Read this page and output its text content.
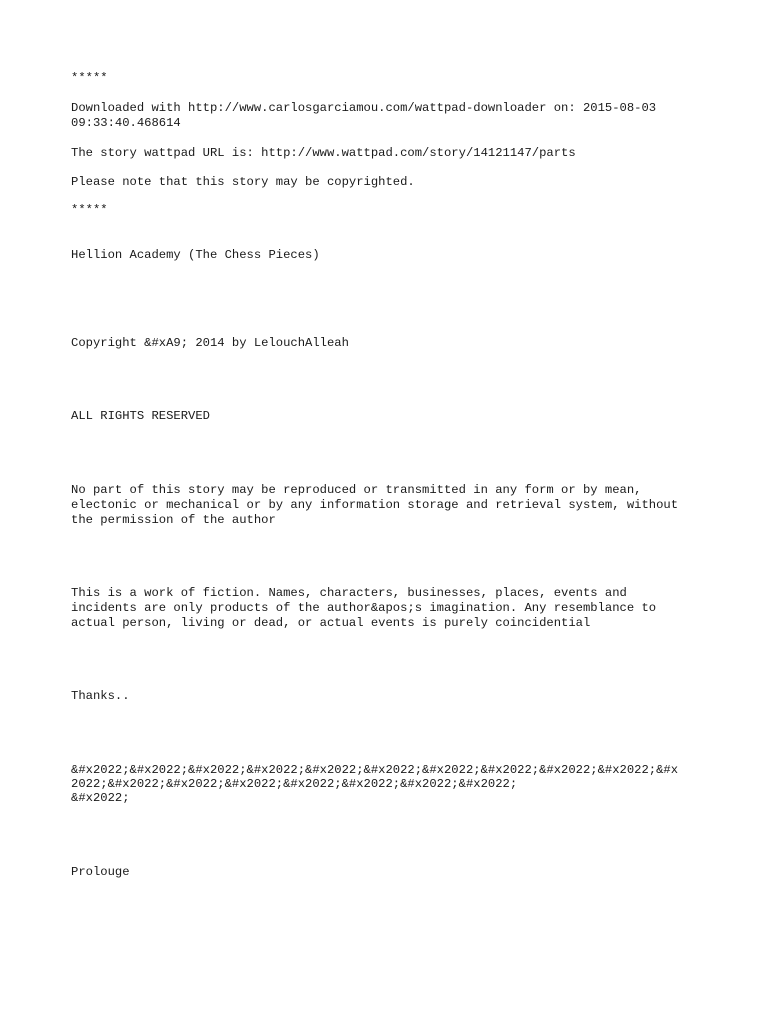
*****

Downloaded with http://www.carlosgarciamou.com/wattpad-downloader on: 2015-08-03

09:33:40.468614

The story wattpad URL is: http://www.wattpad.com/story/14121147/parts

Please note that this story may be copyrighted.

*****

Hellion Academy (The Chess Pieces)

Copyright &#xA9; 2014 by LelouchAlleah

ALL RIGHTS RESERVED

No part of this story may be reproduced or transmitted in any form or by mean,

electonic or mechanical or by any information storage and retrieval system, without

the permission of the author

This is a work of fiction. Names, characters, businesses, places, events and

incidents are only products of the author&apos;s imagination. Any resemblance to

actual person, living or dead, or actual events is purely coincidential

Thanks..

&#x2022;&#x2022;&#x2022;&#x2022;&#x2022;&#x2022;&#x2022;&#x2022;&#x2022;&#x2022;&#x

2022;&#x2022;&#x2022;&#x2022;&#x2022;&#x2022;&#x2022;&#x2022;

&#x2022;

Prolouge
